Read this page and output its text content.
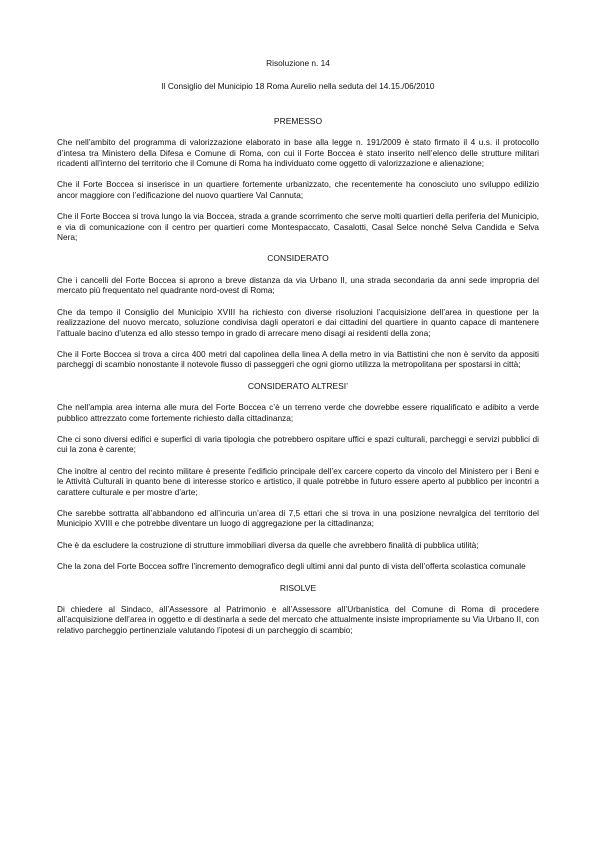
Risoluzione n. 14
Il Consiglio del Municipio 18 Roma Aurelio nella seduta del 14.15./06/2010
PREMESSO
Che nell’ambito del programma di valorizzazione elaborato in base alla legge n. 191/2009 è stato firmato il 4 u.s. il protocollo d’intesa tra Ministero della Difesa e Comune di Roma, con cui il Forte Boccea è stato inserito nell’elenco delle strutture militari ricadenti all’interno del territorio che il Comune di Roma ha individuato come oggetto di valorizzazione e alienazione;
Che il Forte Boccea si inserisce in un quartiere fortemente urbanizzato, che recentemente ha conosciuto uno sviluppo edilizio ancor maggiore con l’edificazione del nuovo quartiere Val Cannuta;
Che il Forte Boccea si trova lungo la via Boccea, strada a grande scorrimento che serve molti quartieri della periferia del Municipio, e via di comunicazione con il centro per quartieri come Montespaccato, Casalotti, Casal Selce nonché Selva Candida e Selva Nera;
CONSIDERATO
Che i cancelli del Forte Boccea si aprono a breve distanza da via Urbano II, una strada secondaria da anni sede impropria del mercato più frequentato nel quadrante nord-ovest di Roma;
Che da tempo il Consiglio del Municipio XVIII ha richiesto con diverse risoluzioni l’acquisizione dell’area in questione per la realizzazione del nuovo mercato, soluzione condivisa dagli operatori e dai cittadini del quartiere in quanto capace di mantenere l’attuale bacino d’utenza ed allo stesso tempo in grado di arrecare meno disagi ai residenti della zona;
Che il Forte Boccea si trova a circa 400 metri dal capolinea della linea A della metro in via Battistini che non è servito da appositi parcheggi di scambio nonostante il notevole flusso di passeggeri che ogni giorno utilizza la metropolitana per spostarsi in città;
CONSIDERATO ALTRESI’
Che nell’ampia area interna alle mura del Forte Boccea c’è un terreno verde che dovrebbe essere riqualificato e adibito a verde pubblico attrezzato come fortemente richiesto dalla cittadinanza;
Che ci sono diversi edifici e superfici di varia tipologia che potrebbero ospitare uffici e spazi culturali, parcheggi e servizi pubblici di cui la zona è carente;
Che inoltre al centro del recinto militare è presente l’edificio principale dell’ex carcere coperto da vincolo del Ministero per i Beni e le Attività Culturali in quanto bene di interesse storico e artistico, il quale potrebbe in futuro essere aperto al pubblico per incontri a carattere culturale e per mostre d’arte;
Che sarebbe sottratta all’abbandono ed all’incuria un’area di 7,5 ettari che si trova in una posizione nevralgica del territorio del Municipio XVIII e che potrebbe diventare un luogo di aggregazione per la cittadinanza;
Che è da escludere la costruzione di strutture immobiliari diversa da quelle che avrebbero finalità di pubblica utilità;
Che la zona del Forte Boccea soffre l’incremento demografico degli ultimi anni dal punto di vista dell’offerta scolastica comunale
RISOLVE
Di chiedere al Sindaco, all’Assessore al Patrimonio e all’Assessore all’Urbanistica del Comune di Roma di procedere all’acquisizione dell’area in oggetto e di destinarla a sede del mercato che attualmente insiste impropriamente su Via Urbano II, con relativo parcheggio pertinenziale valutando l’ipotesi di un parcheggio di scambio;
